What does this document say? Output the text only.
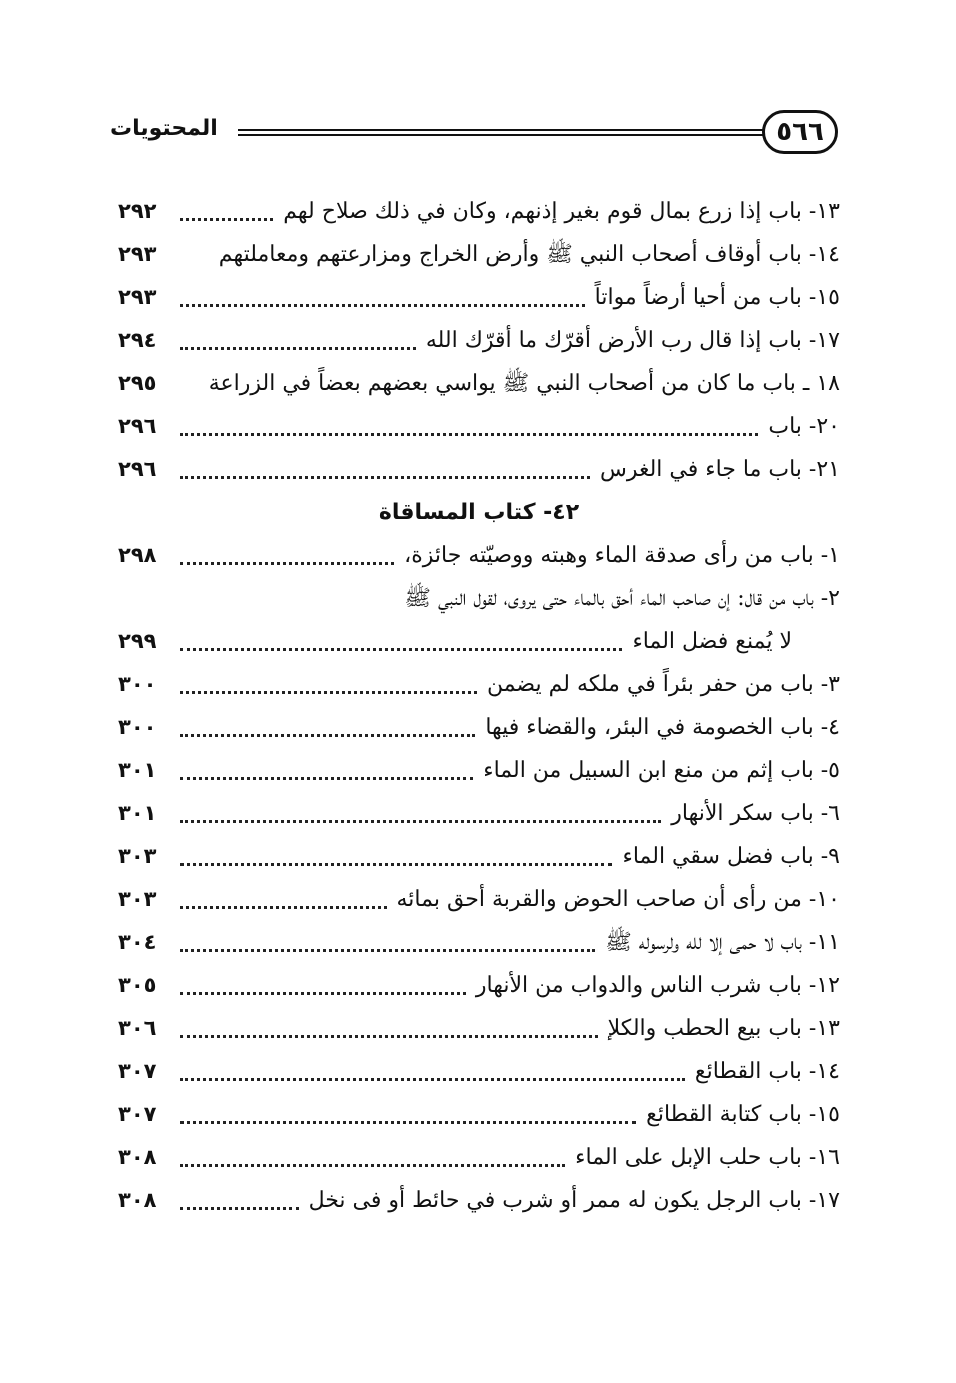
المحتويات	٥٦٦
١٣- باب إذا زرع بمال قوم بغير إذنهم، وكان في ذلك صلاح لهم
٢٩٢
١٤- باب أوقاف أصحاب النبي ﷺ وأرض الخراج ومزارعتهم ومعاملتهم
٢٩٣
١٥- باب من أحيا أرضاً مواتاً
٢٩٣
١٧- باب إذا قال رب الأرض أقرّك ما أقرّك الله
٢٩٤
١٨ ـ باب ما كان من أصحاب النبي ﷺ يواسي بعضهم بعضاً في الزراعة
٢٩٥
٢٠- باب
٢٩٦
٢١- باب ما جاء في الغرس
٢٩٦
٤٢- كتاب المساقاة
١- باب من رأى صدقة الماء وهبته ووصيّته جائزة،
٢٩٨
٢- باب من قال: إن صاحب الماء أحق بالماء حتى يروى، لقول النبي ﷺ
لا يُمنع فضل الماء
٢٩٩
٣- باب من حفر بئراً في ملكه لم يضمن
٣٠٠
٤- باب الخصومة في البئر، والقضاء فيها
٣٠٠
٥- باب إثم من منع ابن السبيل من الماء
٣٠١
٦- باب سكر الأنهار
٣٠١
٩- باب فضل سقي الماء
٣٠٣
١٠- من رأى أن صاحب الحوض والقربة أحق بمائه
٣٠٣
١١- باب لا حمى إلا لله ولرسوله ﷺ
٣٠٤
١٢- باب شرب الناس والدواب من الأنهار
٣٠٥
١٣- باب بيع الحطب والكلإ
٣٠٦
١٤- باب القطائع
٣٠٧
١٥- باب كتابة القطائع
٣٠٧
١٦- باب حلب الإبل على الماء
٣٠٨
١٧- باب الرجل يكون له ممر أو شرب في حائط أو فى نخل
٣٠٨
